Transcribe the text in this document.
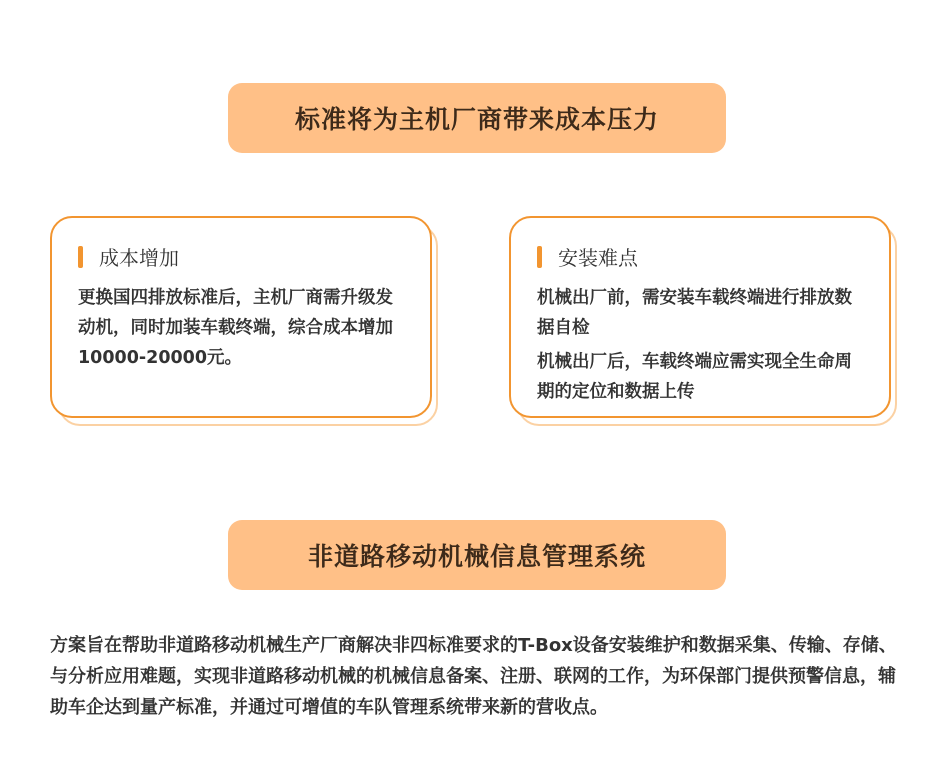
标准将为主机厂商带来成本压力
成本增加

更换国四排放标准后，主机厂商需升级发动机，同时加装车载终端，综合成本增加10000-20000元。

安装难点

机械出厂前，需安装车载终端进行排放数据自检

机械出厂后，车载终端应需实现全生命周期的定位和数据上传

非道路移动机械信息管理系统
方案旨在帮助非道路移动机械生产厂商解决非四标准要求的T-Box设备安装维护和数据采集、传输、存储、与分析应用难题，实现非道路移动机械的机械信息备案、注册、联网的工作，为环保部门提供预警信息，辅助车企达到量产标准，并通过可增值的车队管理系统带来新的营收点。
